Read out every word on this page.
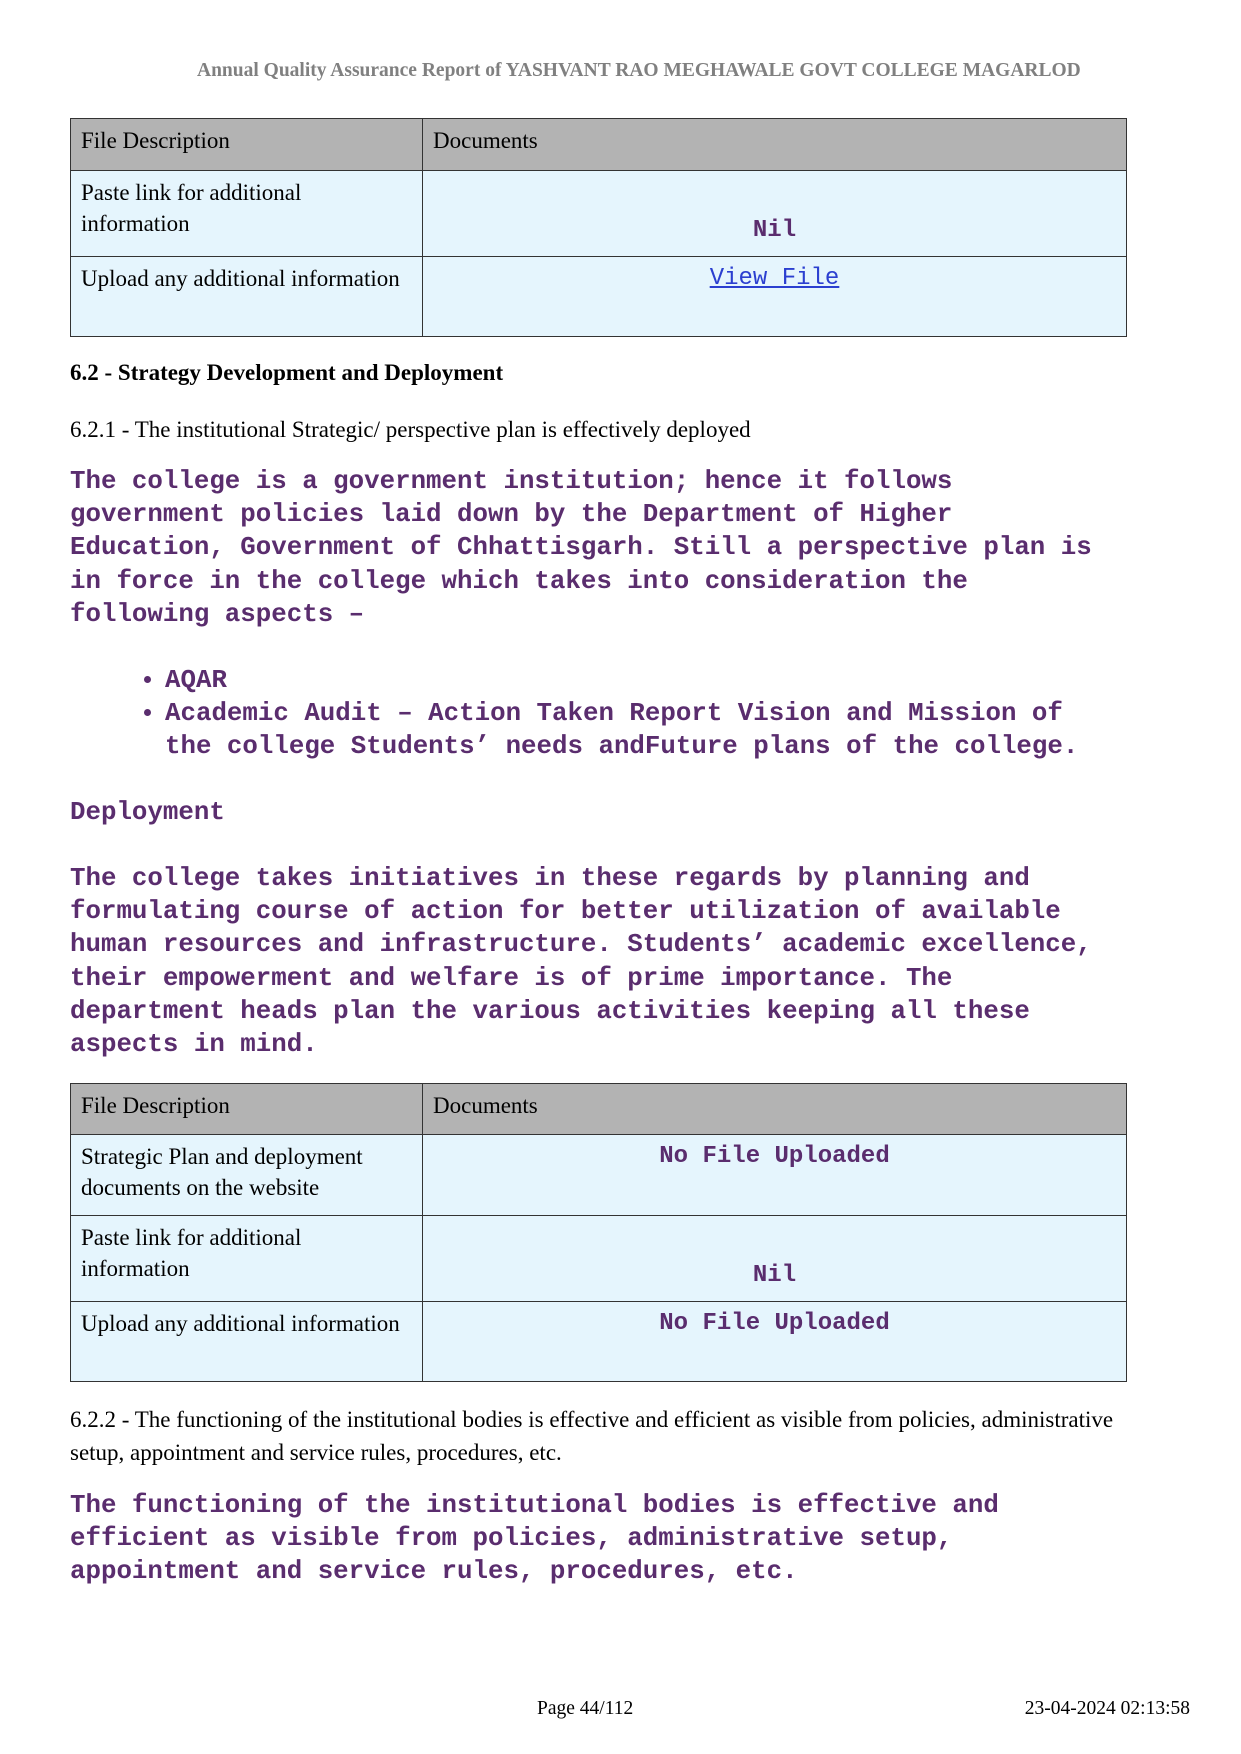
Annual Quality Assurance Report of YASHVANT RAO MEGHAWALE GOVT COLLEGE MAGARLOD
File Description	Documents
Paste link for additional information	Nil
Upload any additional information	View File
6.2 - Strategy Development and Deployment
6.2.1 - The institutional Strategic/ perspective plan is effectively deployed
The college is a government institution; hence it follows
government policies laid down by the Department of Higher
Education, Government of Chhattisgarh. Still a perspective plan is
in force in the college which takes into consideration the
following aspects –
• AQAR
• Academic Audit – Action Taken Report Vision and Mission of
the college Students’ needs andFuture plans of the college.
Deployment
The college takes initiatives in these regards by planning and
formulating course of action for better utilization of available
human resources and infrastructure. Students’ academic excellence,
their empowerment and welfare is of prime importance. The
department heads plan the various activities keeping all these
aspects in mind.
File Description	Documents
Strategic Plan and deployment documents on the website	No File Uploaded
Paste link for additional information	Nil
Upload any additional information	No File Uploaded
6.2.2 - The functioning of the institutional bodies is effective and efficient as visible from policies, administrative setup, appointment and service rules, procedures, etc.
The functioning of the institutional bodies is effective and
efficient as visible from policies, administrative setup,
appointment and service rules, procedures, etc.
Page 44/112	23-04-2024 02:13:58
